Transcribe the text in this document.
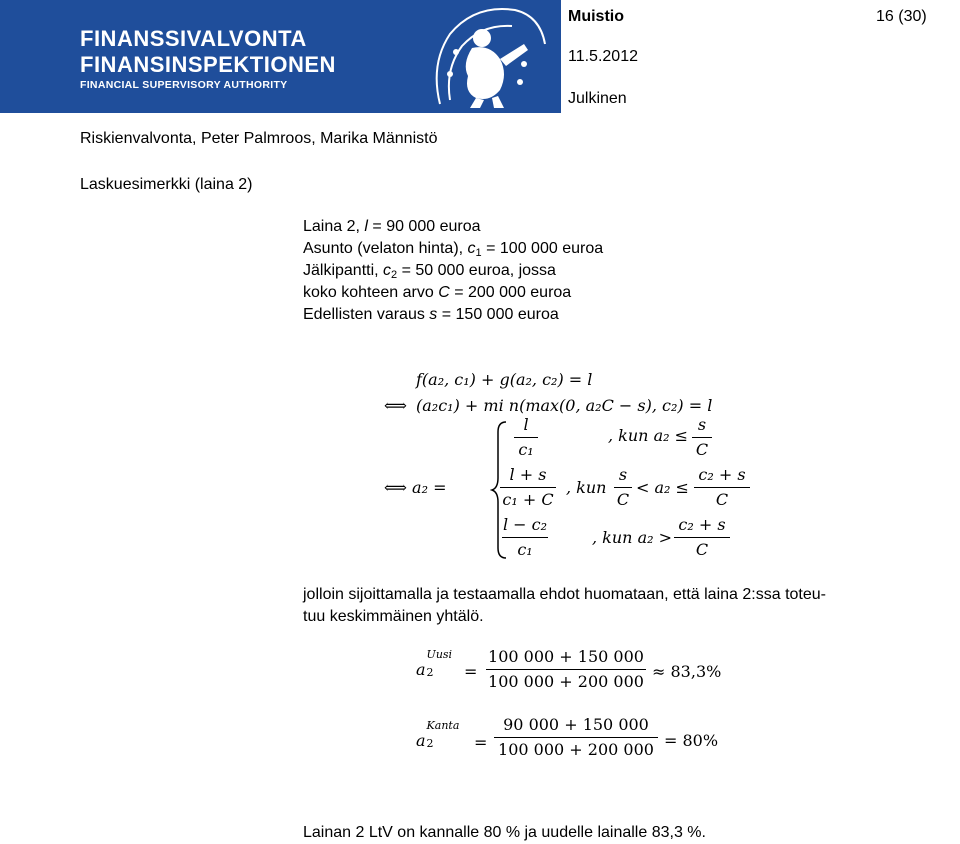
FINANSSIVALVONTA
FINANSINSPEKTIONEN
FINANCIAL SUPERVISORY AUTHORITY
Muistio	16 (30)
11.5.2012
Julkinen
Riskienvalvonta, Peter Palmroos, Marika Männistö
Laskuesimerkki (laina 2)
Laina 2, l = 90 000 euroa
Asunto (velaton hinta), $c_1 = 100$ 000 euroa
Jälkipantti, $c_2 = 50$ 000 euroa, jossa
koko kohteen arvo C = 200 000 euroa
Edellisten varaus s = 150 000 euroa
f(a₂, c₁) + g(a₂, c₂) = l
⟺ (a₂c₁) + mi n(max(0, a₂C − s), c₂) = l
⟺ a₂ =
l
c₁
, kun a₂ ≤
s
C
l + s
c₁ + C
, kun
s
C
< a₂ ≤
c₂ + s
C
l − c₂
c₁
, kun a₂ >
c₂ + s
C
jolloin sijoittamalla ja testaamalla ehdot huomataan, että laina 2:ssa toteu-
tuu keskimmäinen yhtälö.
a
Uusi
2 =
100 000 + 150 000
100 000 + 200 000
≈ 83,3%
a
Kanta
2	=
90 000 + 150 000
100 000 + 200 000 = 80%
Lainan 2 LtV on kannalle 80 % ja uudelle lainalle 83,3 %.
